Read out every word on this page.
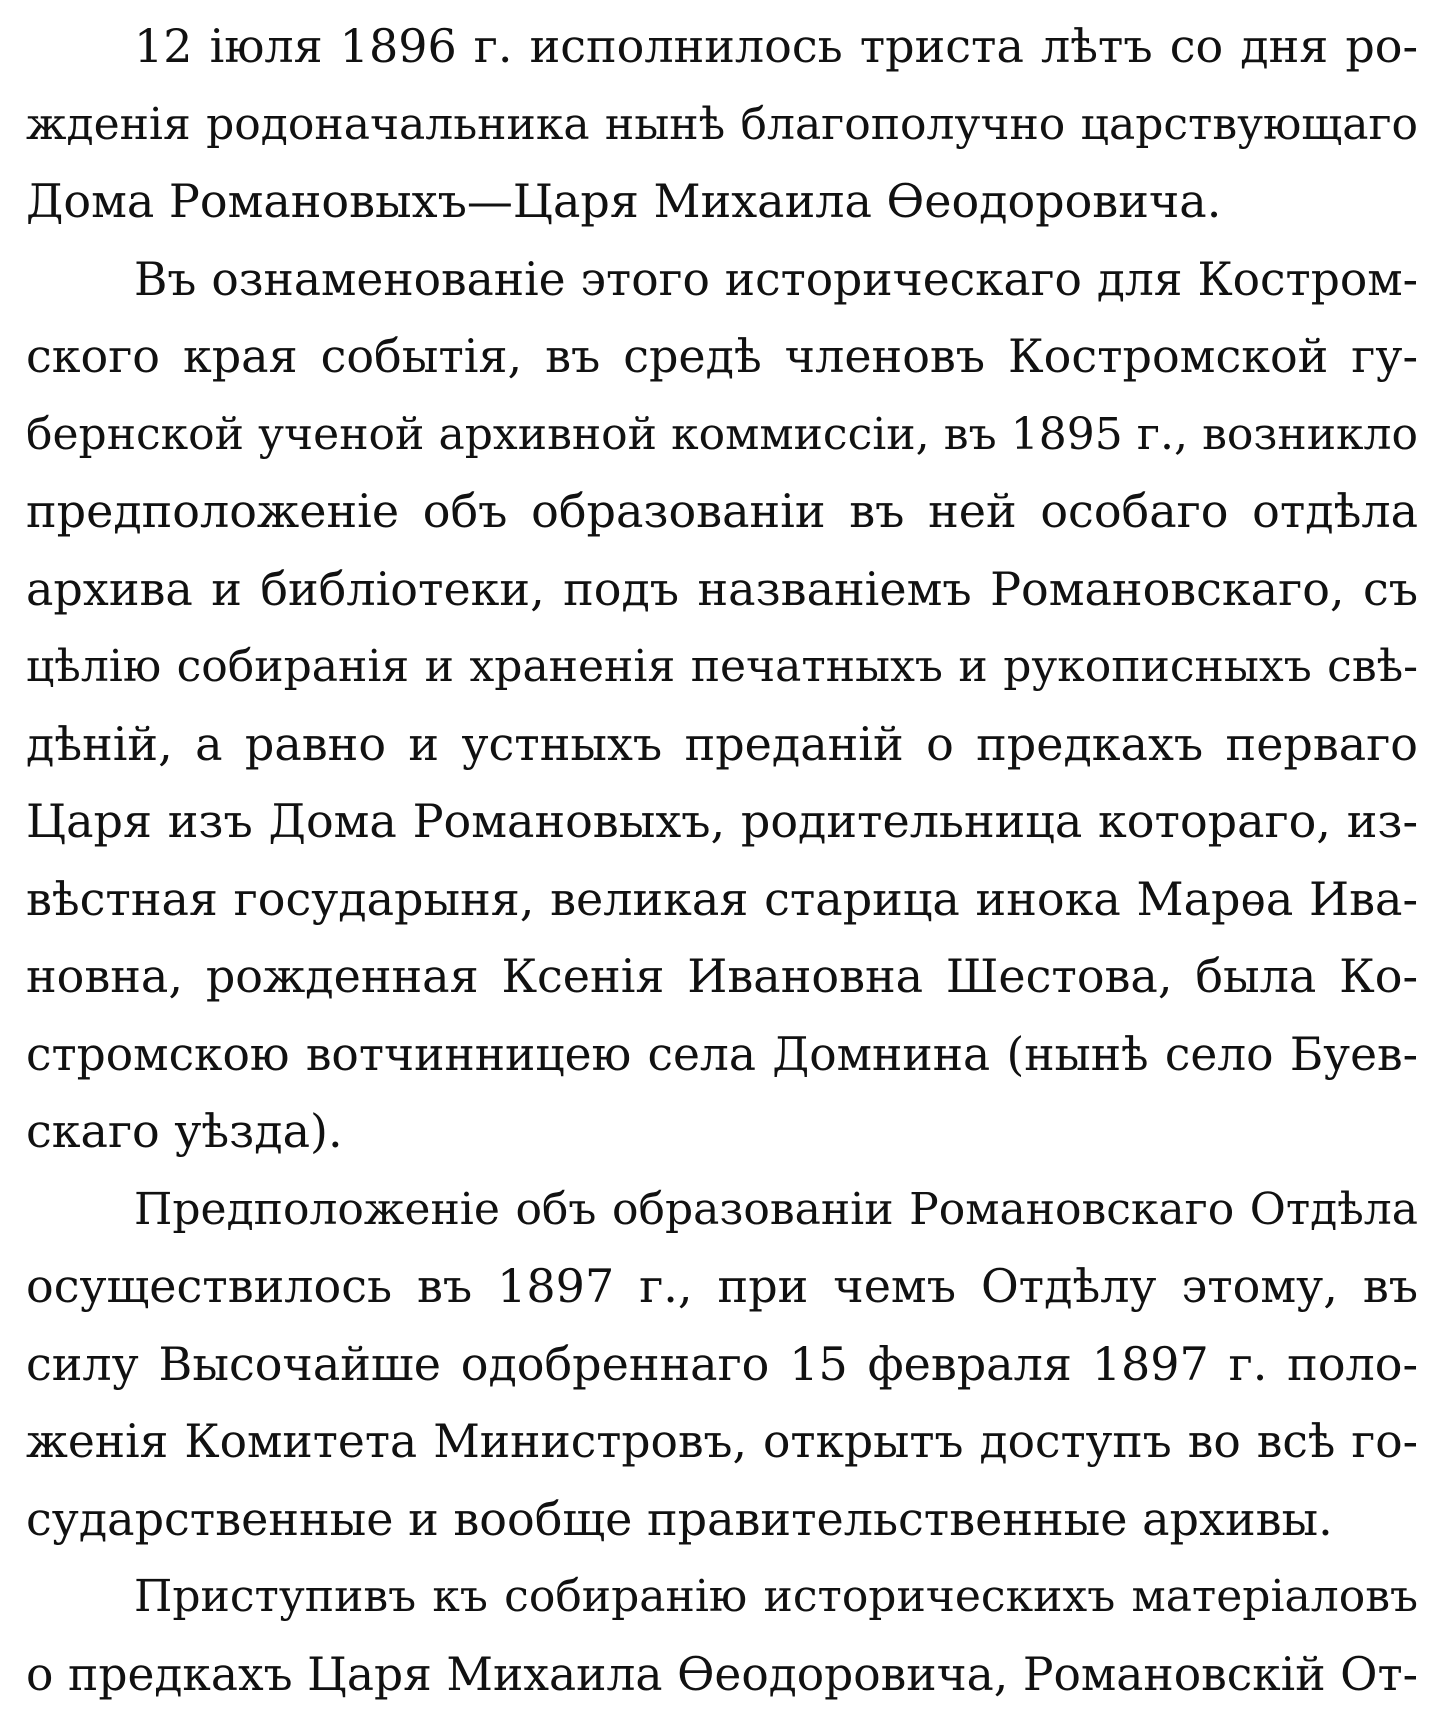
12 іюля 1896 г. исполнилось триста лѣтъ со дня ро-
жденія родоначальника нынѣ благополучно царствующаго
Дома Романовыхъ—Царя Михаила Ѳеодоровича.
Въ ознаменованіе этого историческаго для Костром-
ского края событія, въ средѣ членовъ Костромской гу-
бернской ученой архивной коммиссіи, въ 1895 г., возникло
предположеніе объ образованіи въ ней особаго отдѣла
архива и библіотеки, подъ названіемъ Романовскаго, съ
цѣлію собиранія и храненія печатныхъ и рукописныхъ свѣ-
дѣній, а равно и устныхъ преданій о предкахъ перваго
Царя изъ Дома Романовыхъ, родительница котораго, из-
вѣстная государыня, великая старица инока Марѳа Ива-
новна, рожденная Ксенія Ивановна Шестова, была Ко-
стромскою вотчинницею села Домнина (нынѣ село Буев-
скаго уѣзда).
Предположеніе объ образованіи Романовскаго Отдѣла
осуществилось въ 1897 г., при чемъ Отдѣлу этому, въ
силу Высочайше одобреннаго 15 февраля 1897 г. поло-
женія Комитета Министровъ, открытъ доступъ во всѣ го-
сударственные и вообще правительственные архивы.
Приступивъ къ собиранію историческихъ матеріаловъ
о предкахъ Царя Михаила Ѳеодоровича, Романовскій От-
